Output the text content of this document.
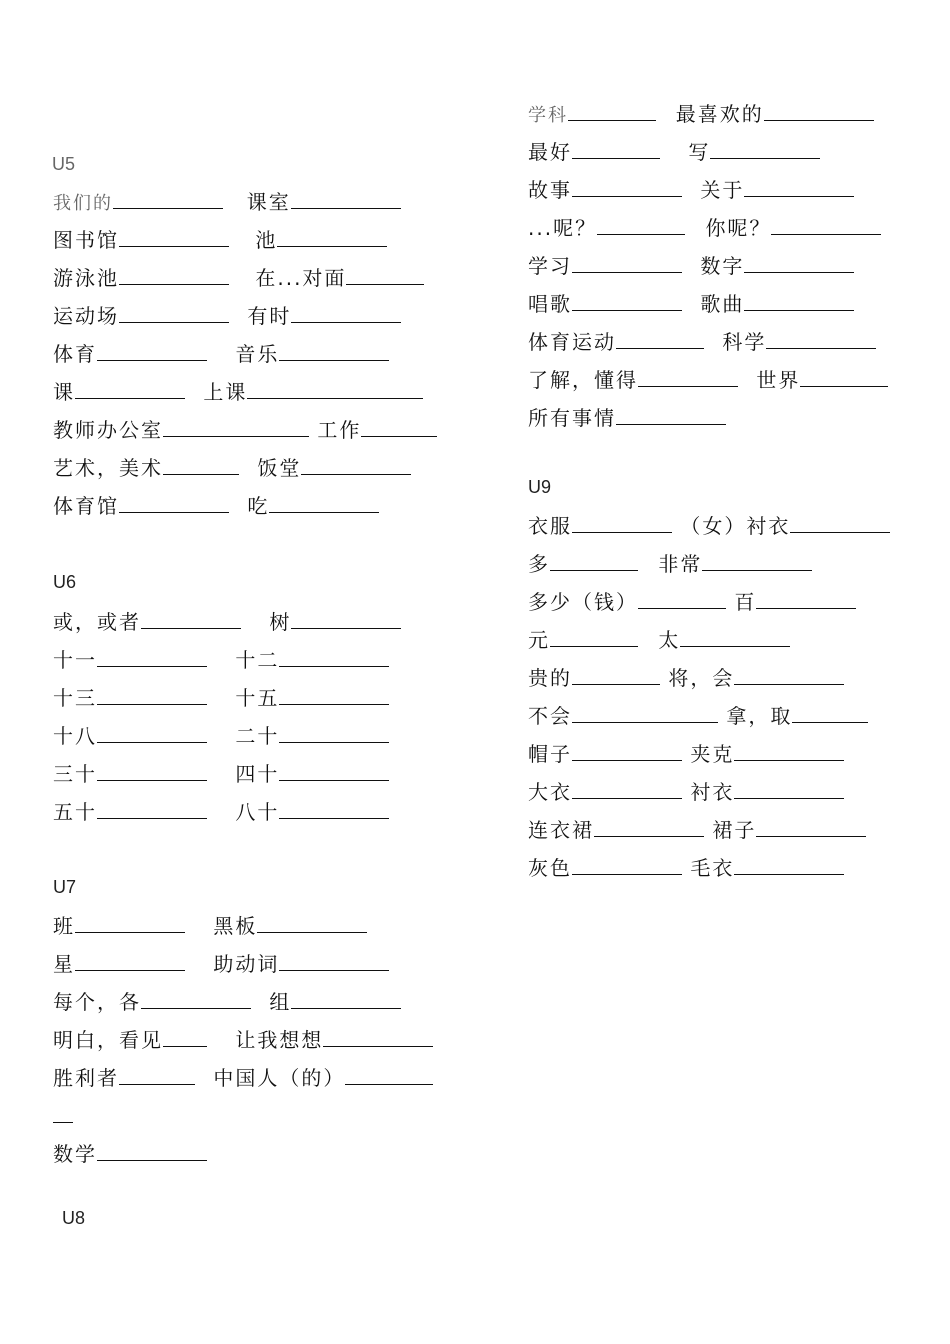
U5
我们的	课室
图书馆	池
游泳池	在...对面
运动场	有时
体育	音乐
课	上课
教师办公室	工作
艺术，美术	饭堂
体育馆	吃
U6
或，或者	树
十一	十二
十三	十五
十八	二十
三十	四十
五十	八十
U7
班	黑板
星	助动词
每个，各	组
明白，看见	让我想想
胜利者	中国人（的）
数学
U8
学科	最喜欢的
最好	写
故事	关于
...呢？	你呢？
学习	数字
唱歌	歌曲
体育运动	科学
了解，懂得	世界
所有事情
U9
衣服	（女）衬衣
多	非常
多少（钱）	百
元	太
贵的	将，会
不会	拿，取
帽子	夹克
大衣	衬衣
连衣裙	裙子
灰色	毛衣
